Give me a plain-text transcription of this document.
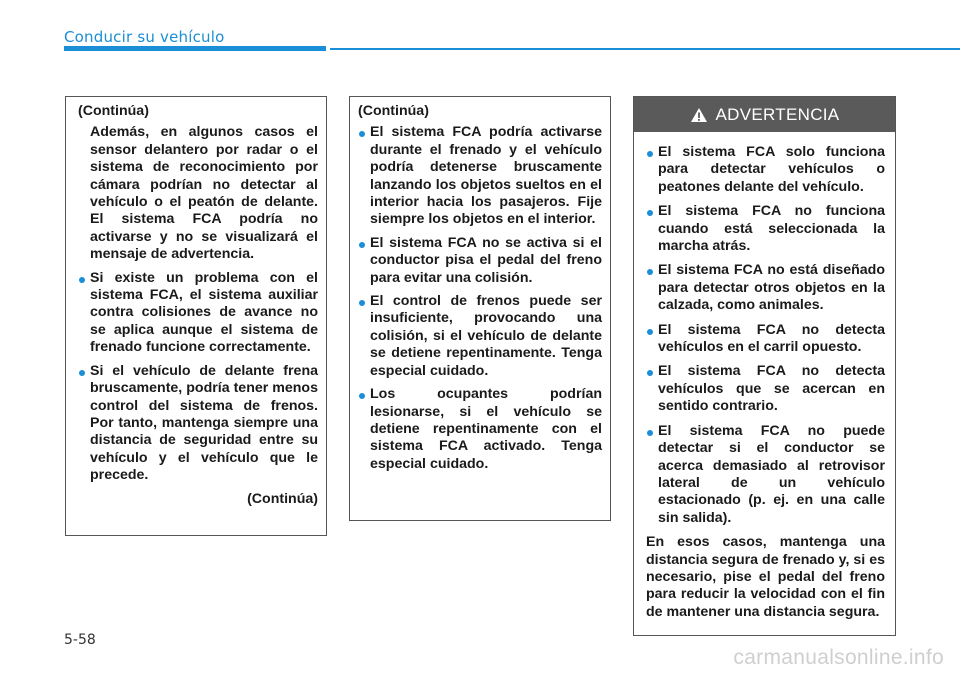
Conducir su vehículo
(Continúa)

Además, en algunos casos el sensor delantero por radar o el sistema de reconocimiento por cámara podrían no detectar al vehículo o el peatón de delante. El sistema FCA podría no activarse y no se visualizará el mensaje de advertencia.

Si existe un problema con el sistema FCA, el sistema auxiliar contra colisiones de avance no se aplica aunque el sistema de frenado funcione correctamente.
Si el vehículo de delante frena bruscamente, podría tener menos control del sistema de frenos. Por tanto, mantenga siempre una distancia de seguridad entre su vehículo y el vehículo que le precede.
(Continúa)
(Continúa)
El sistema FCA podría activarse durante el frenado y el vehículo podría detenerse bruscamente lanzando los objetos sueltos en el interior hacia los pasajeros. Fije siempre los objetos en el interior.
El sistema FCA no se activa si el conductor pisa el pedal del freno para evitar una colisión.
El control de frenos puede ser insuficiente, provocando una colisión, si el vehículo de delante se detiene repentinamente. Tenga especial cuidado.
Los ocupantes podrían lesionarse, si el vehículo se detiene repentinamente con el sistema FCA activado. Tenga especial cuidado.
ADVERTENCIA
El sistema FCA solo funciona para detectar vehículos o peatones delante del vehículo.
El sistema FCA no funciona cuando está seleccionada la marcha atrás.
El sistema FCA no está diseñado para detectar otros objetos en la calzada, como animales.
El sistema FCA no detecta vehículos en el carril opuesto.
El sistema FCA no detecta vehículos que se acercan en sentido contrario.
El sistema FCA no puede detectar si el conductor se acerca demasiado al retrovisor lateral de un vehículo estacionado (p. ej. en una calle sin salida).

En esos casos, mantenga una distancia segura de frenado y, si es necesario, pise el pedal del freno para reducir la velocidad con el fin de mantener una distancia segura.

5-58
carmanualsonline.info
